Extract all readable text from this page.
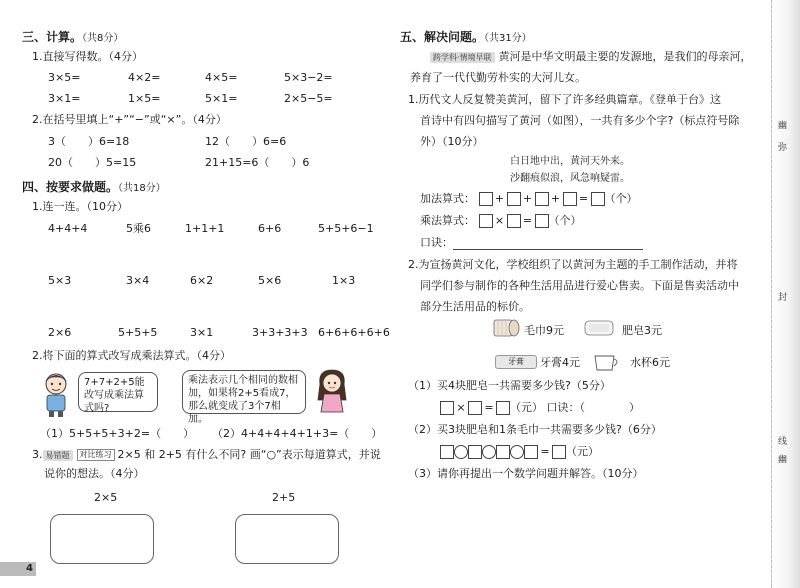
三、计算。（共8分）
1.直接写得数。（4分）
3×5=	4×2=	4×5=	5×3−2=
3×1=	1×5=	5×1=	2×5−5=
2.在括号里填上“+”“−”或“×”。（4分）
3（　　）6=18	12（　　）6=6
20（　　）5=15	21+15=6（　　）6
四、按要求做题。（共18分）
1.连一连。（10分）
4+4+4	5乘6	1+1+1	6+6	5+5+6−1
5×3	3×4	6×2	5×6	1×3
2×6	5+5+5	3×1	3+3+3+3 6+6+6+6+6
2.将下面的算式改写成乘法算式。（4分）
7+7+2+5能改写成乘法算式吗?
乘法表示几个相同的数相加，如果将2+5看成7，那么就变成了3个7相加。
（1）5+5+5+3+2=（　　） （2）4+4+4+4+1+3=（　　）
3. 易错题 对比练习 2×5 和 2+5 有什么不同? 画“○”表示每道算式，并说
说你的想法。（4分）
2×5	2+5
4
五、解决问题。（共31分）
跨学科·情境早联 黄河是中华文明最主要的发源地，是我们的母亲河，
养育了一代代勤劳朴实的大河儿女。
1.历代文人反复赞美黄河，留下了许多经典篇章。《登单于台》这
首诗中有四句描写了黄河（如图），一共有多少个字?（标点符号除
外）（10分）
白日地中出，黄河天外来。
沙翻痕似浪，风急响疑雷。
加法算式： + + + = （个）
乘法算式： × = （个）
口诀：
2.为宣扬黄河文化，学校组织了以黄河为主题的手工制作活动，并将
同学们参与制作的各种生活用品进行爱心售卖。下面是售卖活动中
部分生活用品的标价。
毛巾9元	肥皂3元
牙膏	牙膏4元	水杯6元
（1）买4块肥皂一共需要多少钱?（5分）
× = （元） 口诀：（　　　　）
（2）买3块肥皂和1条毛巾一共需要多少钱?（6分）
= （元）
（3）请你再提出一个数学问题并解答。（10分）
幽
弥
封
线
幽
